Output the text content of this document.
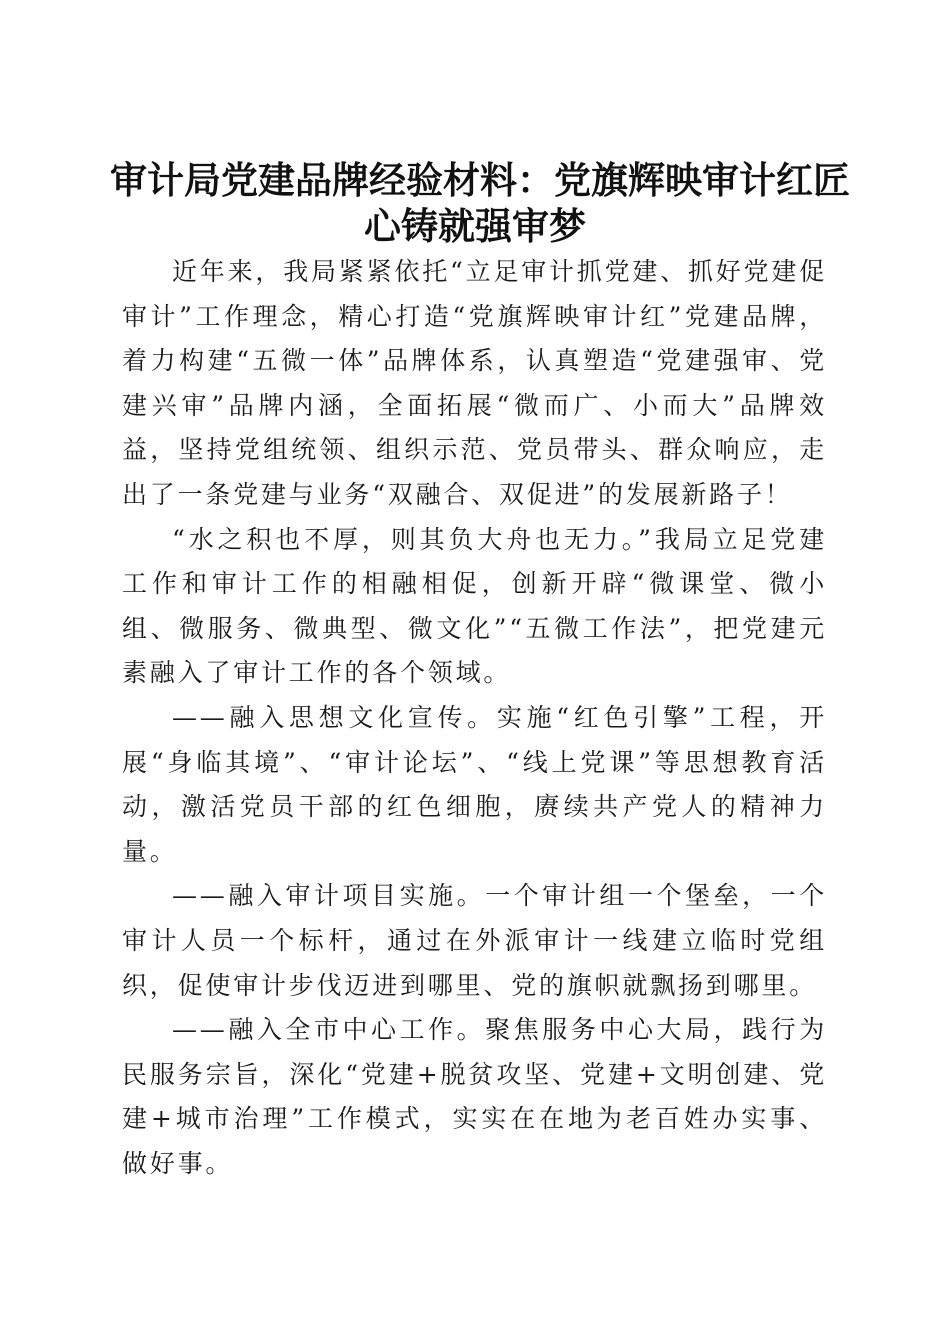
审计局党建品牌经验材料：党旗辉映审计红匠
心铸就强审梦

近年来，我局紧紧依托“立足审计抓党建、抓好党建促审计”工作理念，精心打造“党旗辉映审计红”党建品牌，着力构建“五微一体”品牌体系，认真塑造“党建强审、党建兴审”品牌内涵，全面拓展“微而广、小而大”品牌效益，坚持党组统领、组织示范、党员带头、群众响应，走出了一条党建与业务“双融合、双促进”的发展新路子！

“水之积也不厚，则其负大舟也无力。”我局立足党建工作和审计工作的相融相促，创新开辟“微课堂、微小组、微服务、微典型、微文化”“五微工作法”，把党建元素融入了审计工作的各个领域。

——融入思想文化宣传。实施“红色引擎”工程，开展“身临其境”、“审计论坛”、“线上党课”等思想教育活动，激活党员干部的红色细胞，赓续共产党人的精神力量。

——融入审计项目实施。一个审计组一个堡垒，一个审计人员一个标杆，通过在外派审计一线建立临时党组织，促使审计步伐迈进到哪里、党的旗帜就飘扬到哪里。

——融入全市中心工作。聚焦服务中心大局，践行为民服务宗旨，深化“党建+脱贫攻坚、党建+文明创建、党建+城市治理”工作模式，实实在在地为老百姓办实事、做好事。
